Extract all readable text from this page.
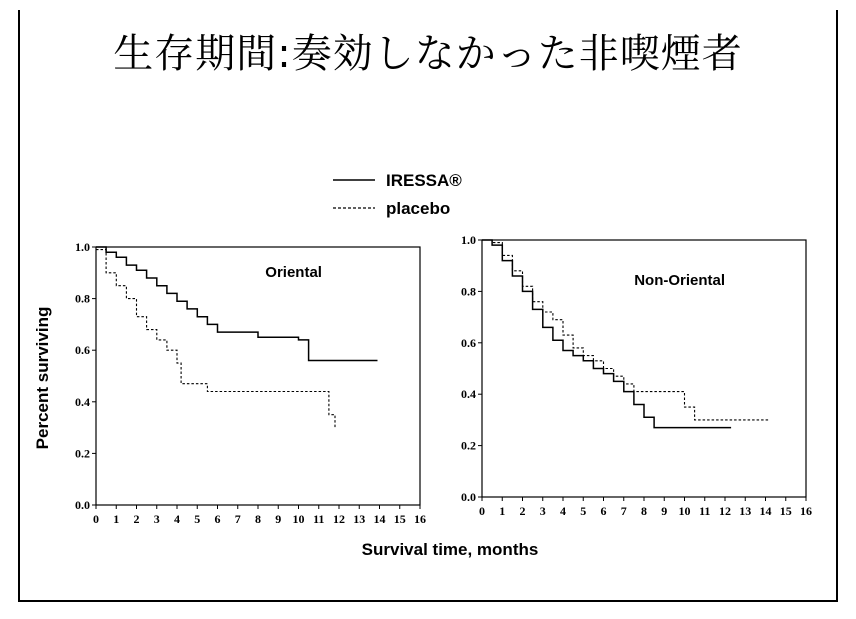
生存期間:奏効しなかった非喫煙者
IRESSA®
placebo
Percent surviving
Survival time, months
0 1 2 3 4 5 6 7 8 9 10 11 12 13 14 15 16
0.0
0.2
0.4
0.6
0.8
1.0
Oriental
0 1 2 3 4 5 6 7 8 9 10 11 12 13 14 15 16
0.0
0.2
0.4
0.6
0.8
1.0
Non-Oriental
